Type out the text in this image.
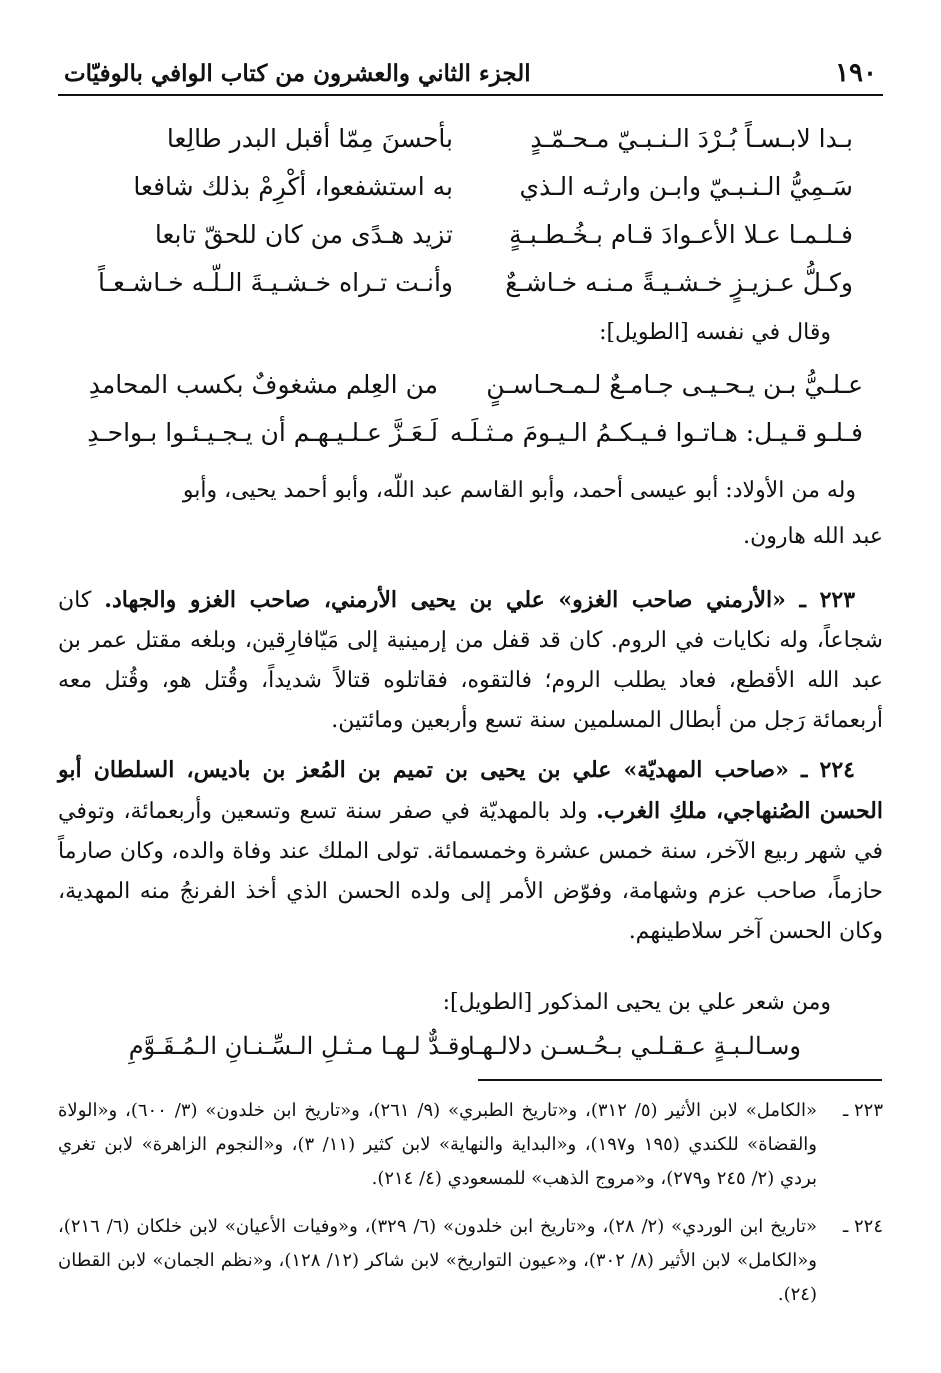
١٩٠
الجزء الثاني والعشرون من كتاب الوافي بالوفيّات
بـدا لابـسـاً بُـرْدَ الـنـبـيّ مـحـمّـدٍ
بأحسنَ مِمّا أقبل البدر طالِعا
سَـمِيُّ الـنـبـيّ وابـن وارثـه الـذي
به استشفعوا، أكْرِمْ بذلك شافعا
فـلـمـا عـلا الأعـوادَ قـام بـخُـطـبـةٍ
تزيد هـدًى من كان للحقّ تابعا
وكـلُّ عـزيـزٍ خـشـيـةً مـنـه خـاشـعٌ
وأنـت تـراه خـشـيـةَ الـلّـه خـاشـعـاً
وقال في نفسه [الطويل]:
عـلـيُّ بـن يـحـيـى جـامـعٌ لـمـحـاسـنٍ
من العِلم مشغوفٌ بكسب المحامدِ
فـلـو قـيـل: هـاتـوا فـيـكـمُ الـيـومَ مـثـلَـه
لَـعَـزَّ عـلـيـهـم أن يـجـيـئـوا بـواحـدِ
وله من الأولاد: أبو عيسى أحمد، وأبو القاسم عبد اللّه، وأبو أحمد يحيى، وأبو
عبد الله هارون.
٢٢٣ ـ «الأرمني صاحب الغزو» علي بن يحيى الأرمني، صاحب الغزو والجهاد. كان شجاعاً، وله نكايات في الروم. كان قد قفل من إرمينية إلى مَيّافارِقين، وبلغه مقتل عمر بن عبد الله الأقطع، فعاد يطلب الروم؛ فالتقوه، فقاتلوه قتالاً شديداً، وقُتل هو، وقُتل معه أربعمائة رَجل من أبطال المسلمين سنة تسع وأربعين ومائتين.
٢٢٤ ـ «صاحب المهديّة» علي بن يحيى بن تميم بن المُعز بن باديس، السلطان أبو الحسن الصُنهاجي، ملكِ الغرب. ولد بالمهديّة في صفر سنة تسع وتسعين وأربعمائة، وتوفي في شهر ربيع الآخر، سنة خمس عشرة وخمسمائة. تولى الملك عند وفاة والده، وكان صارماً حازماً، صاحب عزم وشهامة، وفوّض الأمر إلى ولده الحسن الذي أخذ الفرنجُ منه المهدية، وكان الحسن آخر سلاطينهم.
ومن شعر علي بن يحيى المذكور [الطويل]:
وسـالـبـةٍ عـقـلـي بـحُـسـن دلالـهـا
وقـدٌّ لـهـا مـثـلِ الـسِّـنـانِ الـمُـقَـوَّمِ
٢٢٣ ـ
«الكامل» لابن الأثير (٥/ ٣١٢)، و«تاريخ الطبري» (٩/ ٢٦١)، و«تاريخ ابن خلدون» (٣/ ٦٠٠)، و«الولاة والقضاة» للكندي (١٩٥ و١٩٧)، و«البداية والنهاية» لابن كثير (١١/ ٣)، و«النجوم الزاهرة» لابن تغري بردي (٢/ ٢٤٥ و٢٧٩)، و«مروج الذهب» للمسعودي (٤/ ٢١٤).
٢٢٤ ـ
«تاريخ ابن الوردي» (٢/ ٢٨)، و«تاريخ ابن خلدون» (٦/ ٣٢٩)، و«وفيات الأعيان» لابن خلكان (٦/ ٢١٦)، و«الكامل» لابن الأثير (٨/ ٣٠٢)، و«عيون التواريخ» لابن شاكر (١٢/ ١٢٨)، و«نظم الجمان» لابن القطان (٢٤).
